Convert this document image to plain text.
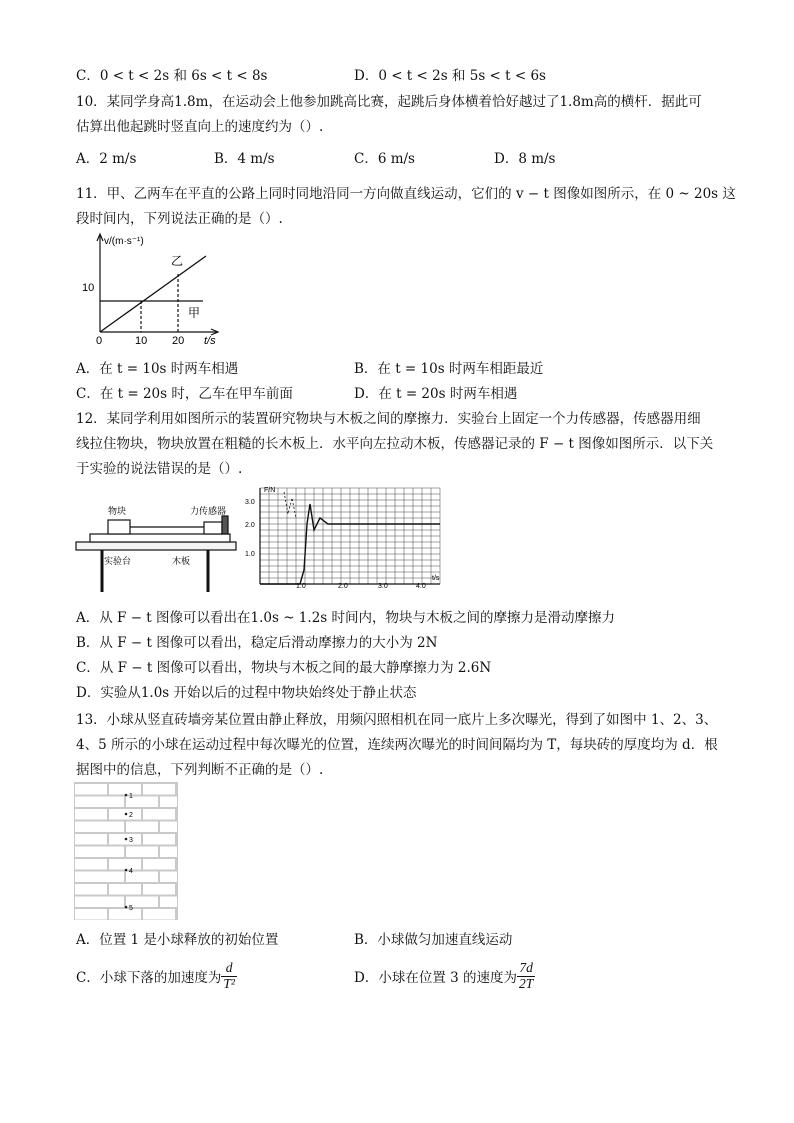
C．0 < t < 2s 和 6s < t < 8s	D．0 < t < 2s 和 5s < t < 6s
10．某同学身高1.8m，在运动会上他参加跳高比赛，起跳后身体横着恰好越过了1.8m高的横杆．据此可
估算出他起跳时竖直向上的速度约为（）.
A．2 m/s	B．4 m/s	C．6 m/s	D．8 m/s
11．甲、乙两车在平直的公路上同时同地沿同一方向做直线运动，它们的 v − t 图像如图所示，在 0 ~ 20s 这
段时间内，下列说法正确的是（）.
v/(m·s⁻¹)
10
0	10 20 t/s
乙
甲
A．在 t = 10s 时两车相遇	B．在 t = 10s 时两车相距最近
C．在 t = 20s 时，乙车在甲车前面	D．在 t = 20s 时两车相遇
12．某同学利用如图所示的装置研究物块与木板之间的摩擦力．实验台上固定一个力传感器，传感器用细
线拉住物块，物块放置在粗糙的长木板上．水平向左拉动木板，传感器记录的 F − t 图像如图所示．以下关
于实验的说法错误的是（）.
物块	力传感器
实验台	木板
F/N
3.0
2.0
1.0
1.0	2.0	3.0	4.0
t/s
A．从 F − t 图像可以看出在1.0s ~ 1.2s 时间内，物块与木板之间的摩擦力是滑动摩擦力
B．从 F − t 图像可以看出，稳定后滑动摩擦力的大小为 2N
C．从 F − t 图像可以看出，物块与木板之间的最大静摩擦力为 2.6N
D．实验从1.0s 开始以后的过程中物块始终处于静止状态
13．小球从竖直砖墙旁某位置由静止释放，用频闪照相机在同一底片上多次曝光，得到了如图中 1、2、3、
4、5 所示的小球在运动过程中每次曝光的位置，连续两次曝光的时间间隔均为 T，每块砖的厚度均为 d．根
据图中的信息，下列判断不正确的是（）.
1
2
3
4
5
A．位置 1 是小球释放的初始位置	B．小球做匀加速直线运动
C．小球下落的加速度为 $\frac{d}{\text{T²}}$	D．小球在位置 3 的速度为 $\frac{7d}{2T}$
